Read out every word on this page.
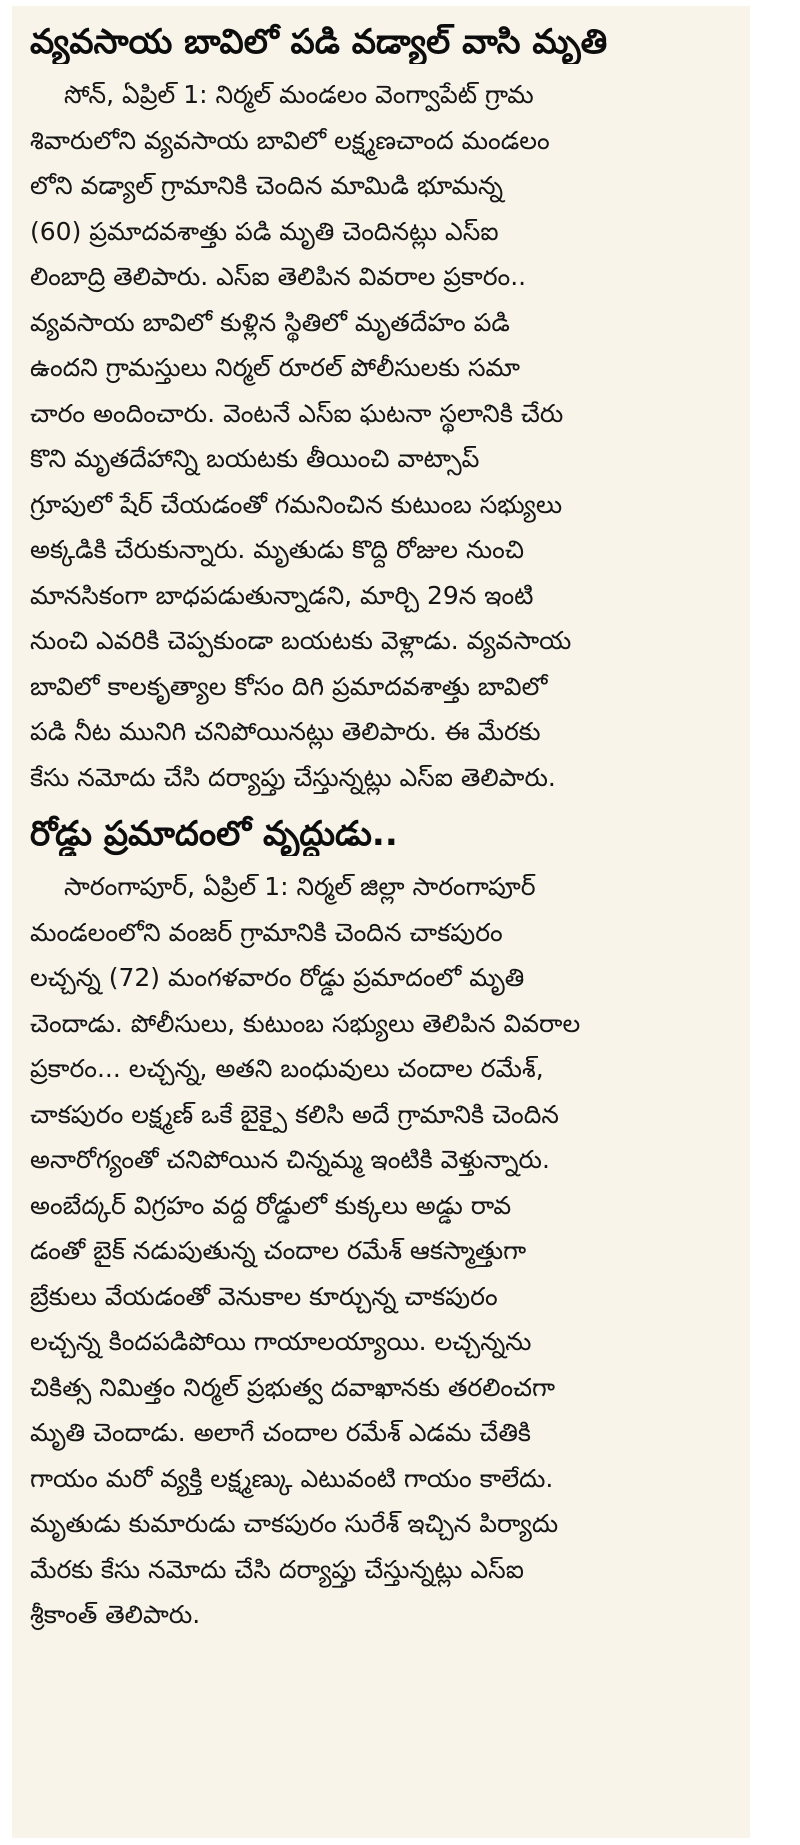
వ్యవసాయ బావిలో పడి వడ్యాల్ వాసి మృతి
సోన్, ఏప్రిల్ 1: నిర్మల్ మండలం వెంగ్వాపేట్ గ్రామ
శివారులోని వ్యవసాయ బావిలో లక్ష్మణచాంద మండలం
లోని వడ్యాల్ గ్రామానికి చెందిన మామిడి భూమన్న
(60) ప్రమాదవశాత్తు పడి మృతి చెందినట్లు ఎస్ఐ
లింబాద్రి తెలిపారు. ఎస్ఐ తెలిపిన వివరాల ప్రకారం..
వ్యవసాయ బావిలో కుళ్లిన స్థితిలో మృతదేహం పడి
ఉందని గ్రామస్తులు నిర్మల్ రూరల్ పోలీసులకు సమా
చారం అందించారు. వెంటనే ఎస్ఐ ఘటనా స్థలానికి చేరు
కొని మృతదేహాన్ని బయటకు తీయించి వాట్సాప్
గ్రూపులో షేర్ చేయడంతో గమనించిన కుటుంబ సభ్యులు
అక్కడికి చేరుకున్నారు. మృతుడు కొద్ది రోజుల నుంచి
మానసికంగా బాధపడుతున్నాడని, మార్చి 29న ఇంటి
నుంచి ఎవరికి చెప్పకుండా బయటకు వెళ్లాడు. వ్యవసాయ
బావిలో కాలకృత్యాల కోసం దిగి ప్రమాదవశాత్తు బావిలో
పడి నీట మునిగి చనిపోయినట్లు తెలిపారు. ఈ మేరకు
కేసు నమోదు చేసి దర్యాప్తు చేస్తున్నట్లు ఎస్ఐ తెలిపారు.
రోడ్డు ప్రమాదంలో వృద్ధుడు..
సారంగాపూర్, ఏప్రిల్ 1: నిర్మల్ జిల్లా సారంగాపూర్
మండలంలోని వంజర్ గ్రామానికి చెందిన చాకపురం
లచ్చన్న (72) మంగళవారం రోడ్డు ప్రమాదంలో మృతి
చెందాడు. పోలీసులు, కుటుంబ సభ్యులు తెలిపిన వివరాల
ప్రకారం... లచ్చన్న, అతని బంధువులు చందాల రమేశ్,
చాకపురం లక్ష్మణ్ ఒకే బైక్పై కలిసి అదే గ్రామానికి చెందిన
అనారోగ్యంతో చనిపోయిన చిన్నమ్మ ఇంటికి వెళ్తున్నారు.
అంబేద్కర్ విగ్రహం వద్ద రోడ్డులో కుక్కలు అడ్డు రావ
డంతో బైక్ నడుపుతున్న చందాల రమేశ్ ఆకస్మాత్తుగా
బ్రేకులు వేయడంతో వెనుకాల కూర్చున్న చాకపురం
లచ్చన్న కిందపడిపోయి గాయాలయ్యాయి. లచ్చన్నను
చికిత్స నిమిత్తం నిర్మల్ ప్రభుత్వ దవాఖానకు తరలించగా
మృతి చెందాడు. అలాగే చందాల రమేశ్ ఎడమ చేతికి
గాయం మరో వ్యక్తి లక్ష్మణ్కు ఎటువంటి గాయం కాలేదు.
మృతుడు కుమారుడు చాకపురం సురేశ్ ఇచ్చిన పిర్యాదు
మేరకు కేసు నమోదు చేసి దర్యాప్తు చేస్తున్నట్లు ఎస్ఐ
శ్రీకాంత్ తెలిపారు.
